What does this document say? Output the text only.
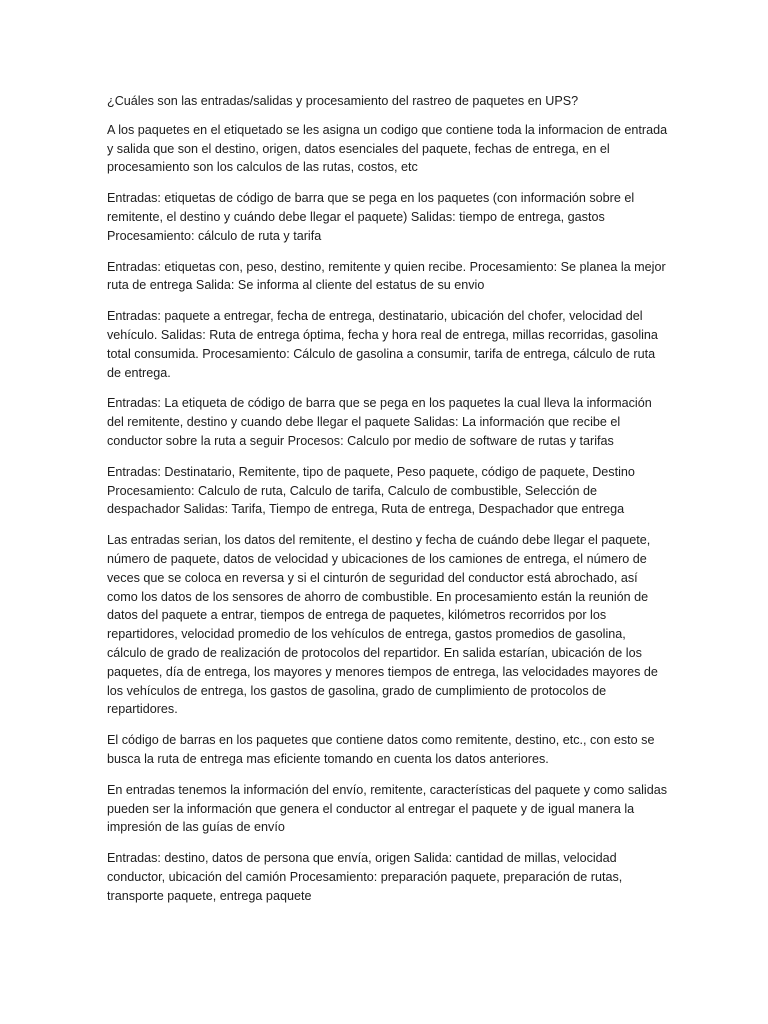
¿Cuáles son las entradas/salidas y procesamiento del rastreo de paquetes en UPS?

A los paquetes en el etiquetado se les asigna un codigo que contiene toda la informacion de entrada y salida que son el destino, origen, datos esenciales del paquete, fechas de entrega, en el procesamiento son los calculos de las rutas, costos, etc

Entradas: etiquetas de código de barra que se pega en los paquetes (con información sobre el remitente, el destino y cuándo debe llegar el paquete) Salidas: tiempo de entrega, gastos Procesamiento: cálculo de ruta y tarifa

Entradas: etiquetas con, peso, destino, remitente y quien recibe. Procesamiento: Se planea la mejor ruta de entrega Salida: Se informa al cliente del estatus de su envio

Entradas: paquete a entregar, fecha de entrega, destinatario, ubicación del chofer, velocidad del vehículo. Salidas: Ruta de entrega óptima, fecha y hora real de entrega, millas recorridas, gasolina total consumida. Procesamiento: Cálculo de gasolina a consumir, tarifa de entrega, cálculo de ruta de entrega.

Entradas: La etiqueta de código de barra que se pega en los paquetes la cual lleva la información del remitente, destino y cuando debe llegar el paquete Salidas: La información que recibe el conductor sobre la ruta a seguir Procesos: Calculo por medio de software de rutas y tarifas

Entradas: Destinatario, Remitente, tipo de paquete, Peso paquete, código de paquete, Destino Procesamiento: Calculo de ruta, Calculo de tarifa, Calculo de combustible, Selección de despachador Salidas: Tarifa, Tiempo de entrega, Ruta de entrega, Despachador que entrega

Las entradas serian, los datos del remitente, el destino y fecha de cuándo debe llegar el paquete, número de paquete, datos de velocidad y ubicaciones de los camiones de entrega, el número de veces que se coloca en reversa y si el cinturón de seguridad del conductor está abrochado, así como los datos de los sensores de ahorro de combustible. En procesamiento están la reunión de datos del paquete a entrar, tiempos de entrega de paquetes, kilómetros recorridos por los repartidores, velocidad promedio de los vehículos de entrega, gastos promedios de gasolina, cálculo de grado de realización de protocolos del repartidor. En salida estarían, ubicación de los paquetes, día de entrega, los mayores y menores tiempos de entrega, las velocidades mayores de los vehículos de entrega, los gastos de gasolina, grado de cumplimiento de protocolos de repartidores.

El código de barras en los paquetes que contiene datos como remitente, destino, etc., con esto se busca la ruta de entrega mas eficiente tomando en cuenta los datos anteriores.

En entradas tenemos la información del envío, remitente, características del paquete y como salidas pueden ser la información que genera el conductor al entregar el paquete y de igual manera la impresión de las guías de envío

Entradas: destino, datos de persona que envía, origen Salida: cantidad de millas, velocidad conductor, ubicación del camión Procesamiento: preparación paquete, preparación de rutas, transporte paquete, entrega paquete
